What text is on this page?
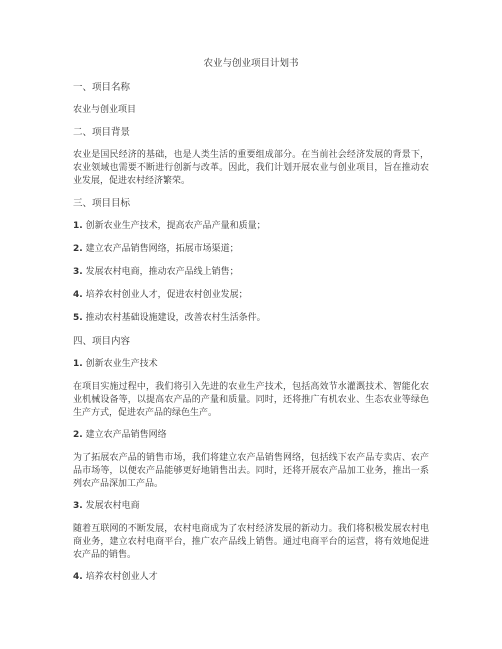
农业与创业项目计划书
一、项目名称
农业与创业项目
二、项目背景
农业是国民经济的基础，也是人类生活的重要组成部分。在当前社会经济发展的背景下，农业领域也需要不断进行创新与改革。因此，我们计划开展农业与创业项目，旨在推动农业发展，促进农村经济繁荣。
三、项目目标
1. 创新农业生产技术，提高农产品产量和质量；
2. 建立农产品销售网络，拓展市场渠道；
3. 发展农村电商，推动农产品线上销售；
4. 培养农村创业人才，促进农村创业发展；
5. 推动农村基础设施建设，改善农村生活条件。
四、项目内容
1. 创新农业生产技术
在项目实施过程中，我们将引入先进的农业生产技术，包括高效节水灌溉技术、智能化农业机械设备等，以提高农产品的产量和质量。同时，还将推广有机农业、生态农业等绿色生产方式，促进农产品的绿色生产。
2. 建立农产品销售网络
为了拓展农产品的销售市场，我们将建立农产品销售网络，包括线下农产品专卖店、农产品市场等，以便农产品能够更好地销售出去。同时，还将开展农产品加工业务，推出一系列农产品深加工产品。
3. 发展农村电商
随着互联网的不断发展，农村电商成为了农村经济发展的新动力。我们将积极发展农村电商业务，建立农村电商平台，推广农产品线上销售。通过电商平台的运营，将有效地促进农产品的销售。
4. 培养农村创业人才
